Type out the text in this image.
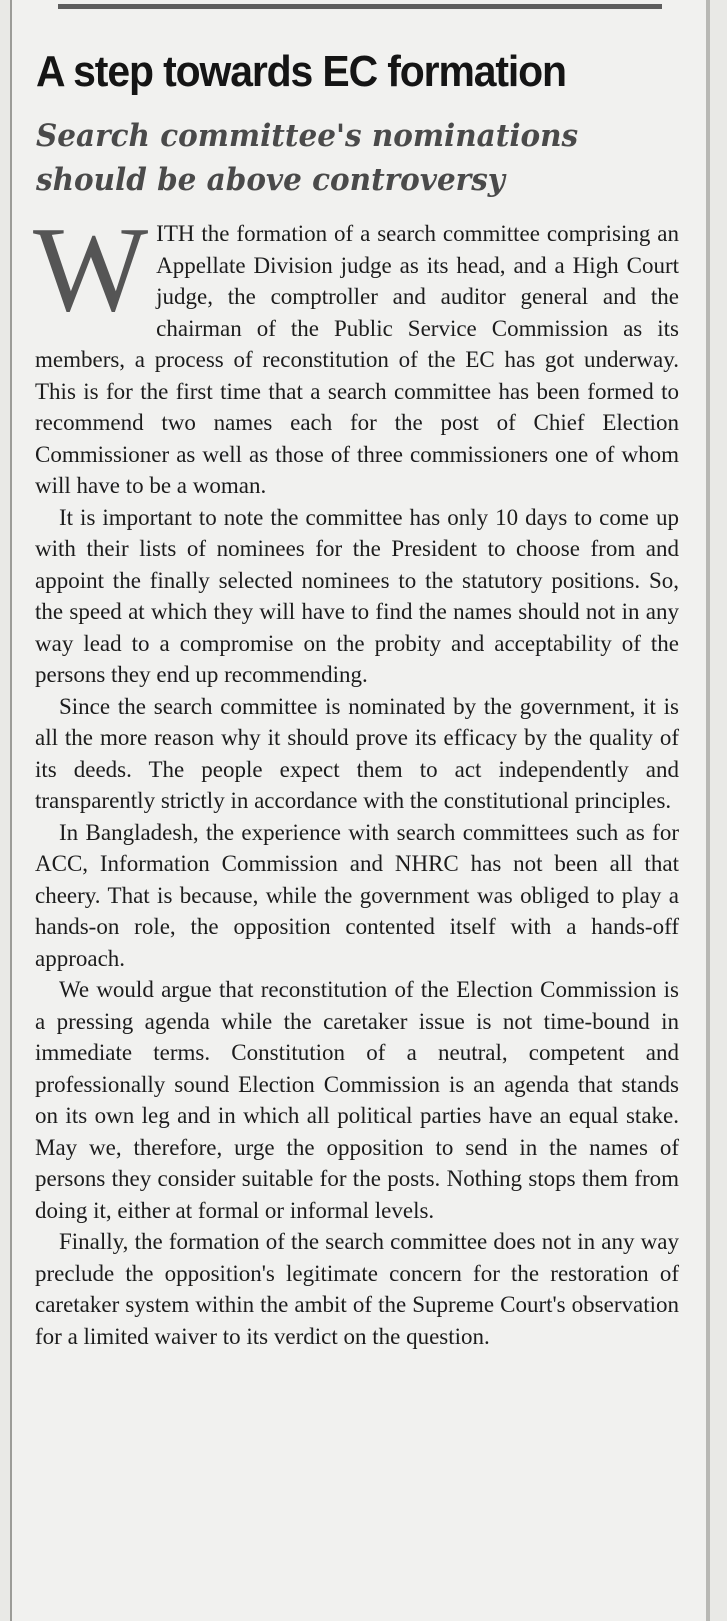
A step towards EC formation
Search committee's nominations should be above controversy

WITH the formation of a search committee comprising an Appellate Division judge as its head, and a High Court judge, the comptroller and auditor general and the chairman of the Public Service Commission as its members, a process of reconstitution of the EC has got underway. This is for the first time that a search committee has been formed to recommend two names each for the post of Chief Election Commissioner as well as those of three commissioners one of whom will have to be a woman.

It is important to note the committee has only 10 days to come up with their lists of nominees for the President to choose from and appoint the finally selected nominees to the statutory positions. So, the speed at which they will have to find the names should not in any way lead to a compromise on the probity and acceptability of the persons they end up recommending.

Since the search committee is nominated by the government, it is all the more reason why it should prove its efficacy by the quality of its deeds. The people expect them to act independently and transparently strictly in accordance with the constitutional principles.

In Bangladesh, the experience with search committees such as for ACC, Information Commission and NHRC has not been all that cheery. That is because, while the government was obliged to play a hands-on role, the opposition contented itself with a hands-off approach.

We would argue that reconstitution of the Election Commission is a pressing agenda while the caretaker issue is not time-bound in immediate terms. Constitution of a neutral, competent and professionally sound Election Commission is an agenda that stands on its own leg and in which all political parties have an equal stake. May we, therefore, urge the opposition to send in the names of persons they consider suitable for the posts. Nothing stops them from doing it, either at formal or informal levels.

Finally, the formation of the search committee does not in any way preclude the opposition's legitimate concern for the restoration of caretaker system within the ambit of the Supreme Court's observation for a limited waiver to its verdict on the question.
